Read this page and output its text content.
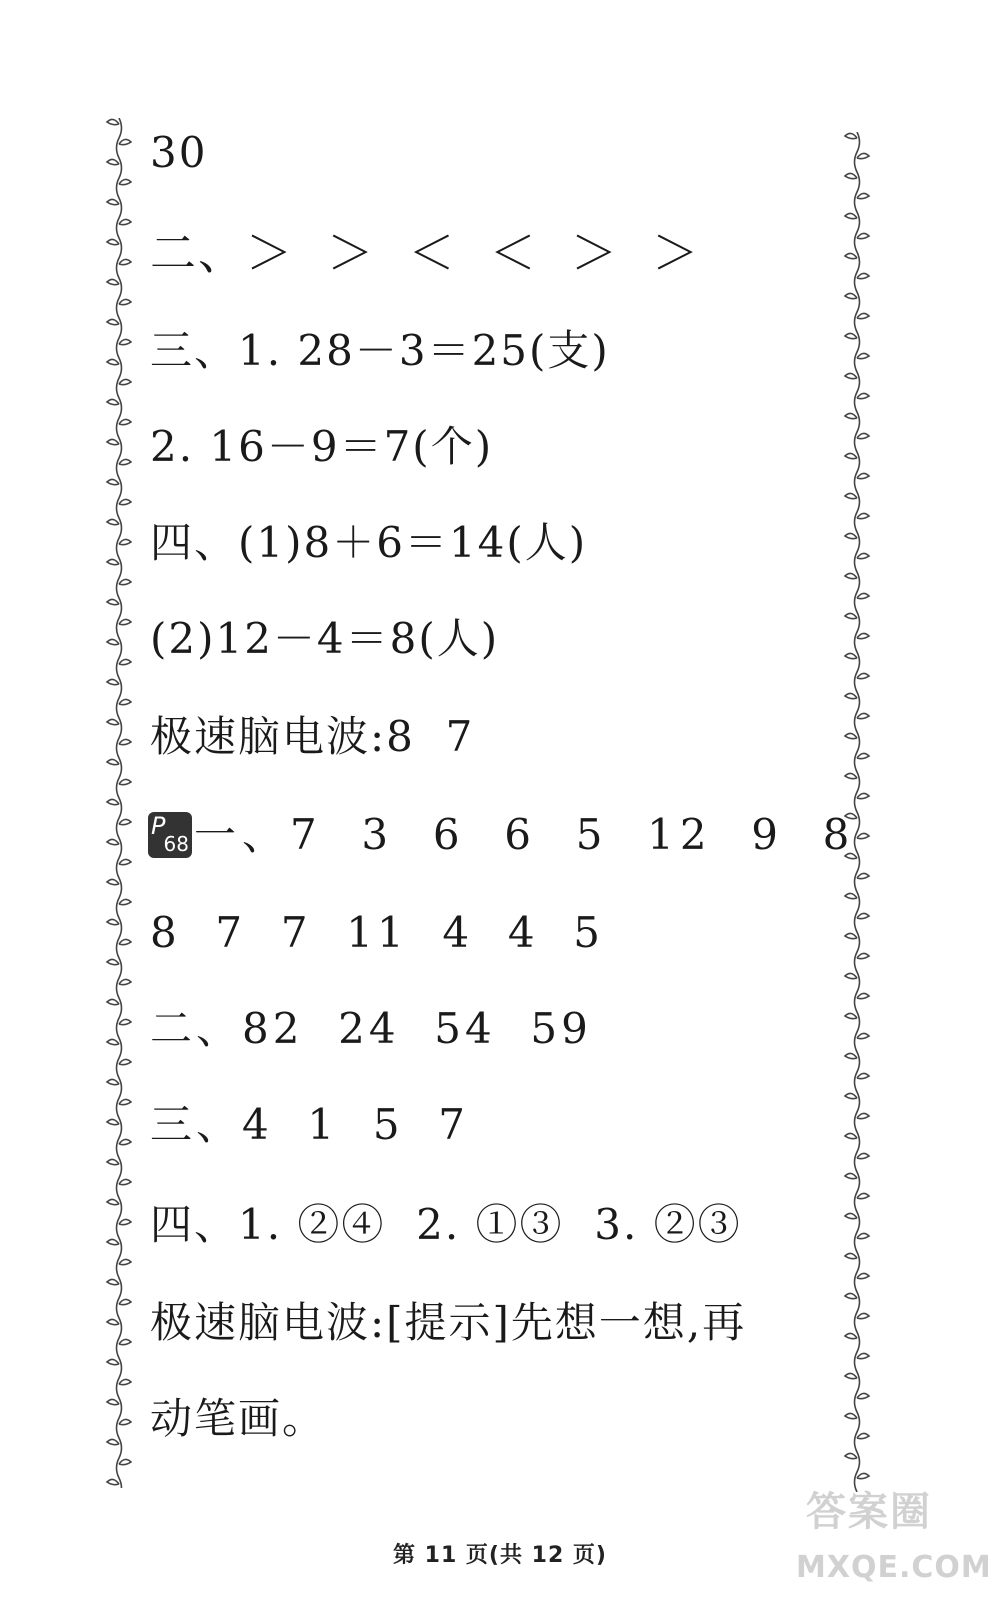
30
二、＞  ＞  ＜  ＜  ＞  ＞
三、1. 28－3＝25(支)
2. 16－9＝7(个)
四、(1)8＋6＝14(人)
(2)12－4＝8(人)
极速脑电波:8  7
P
68 一、7  3  6  6  5  12  9  8
8  7  7  11  4  4  5
二、82  24  54  59
三、4  1  5  7
四、1. ②④  2. ①③  3. ②③
极速脑电波:[提示]先想一想,再
动笔画。
第 11 页(共 12 页)
答案圈
MXQE.COM
